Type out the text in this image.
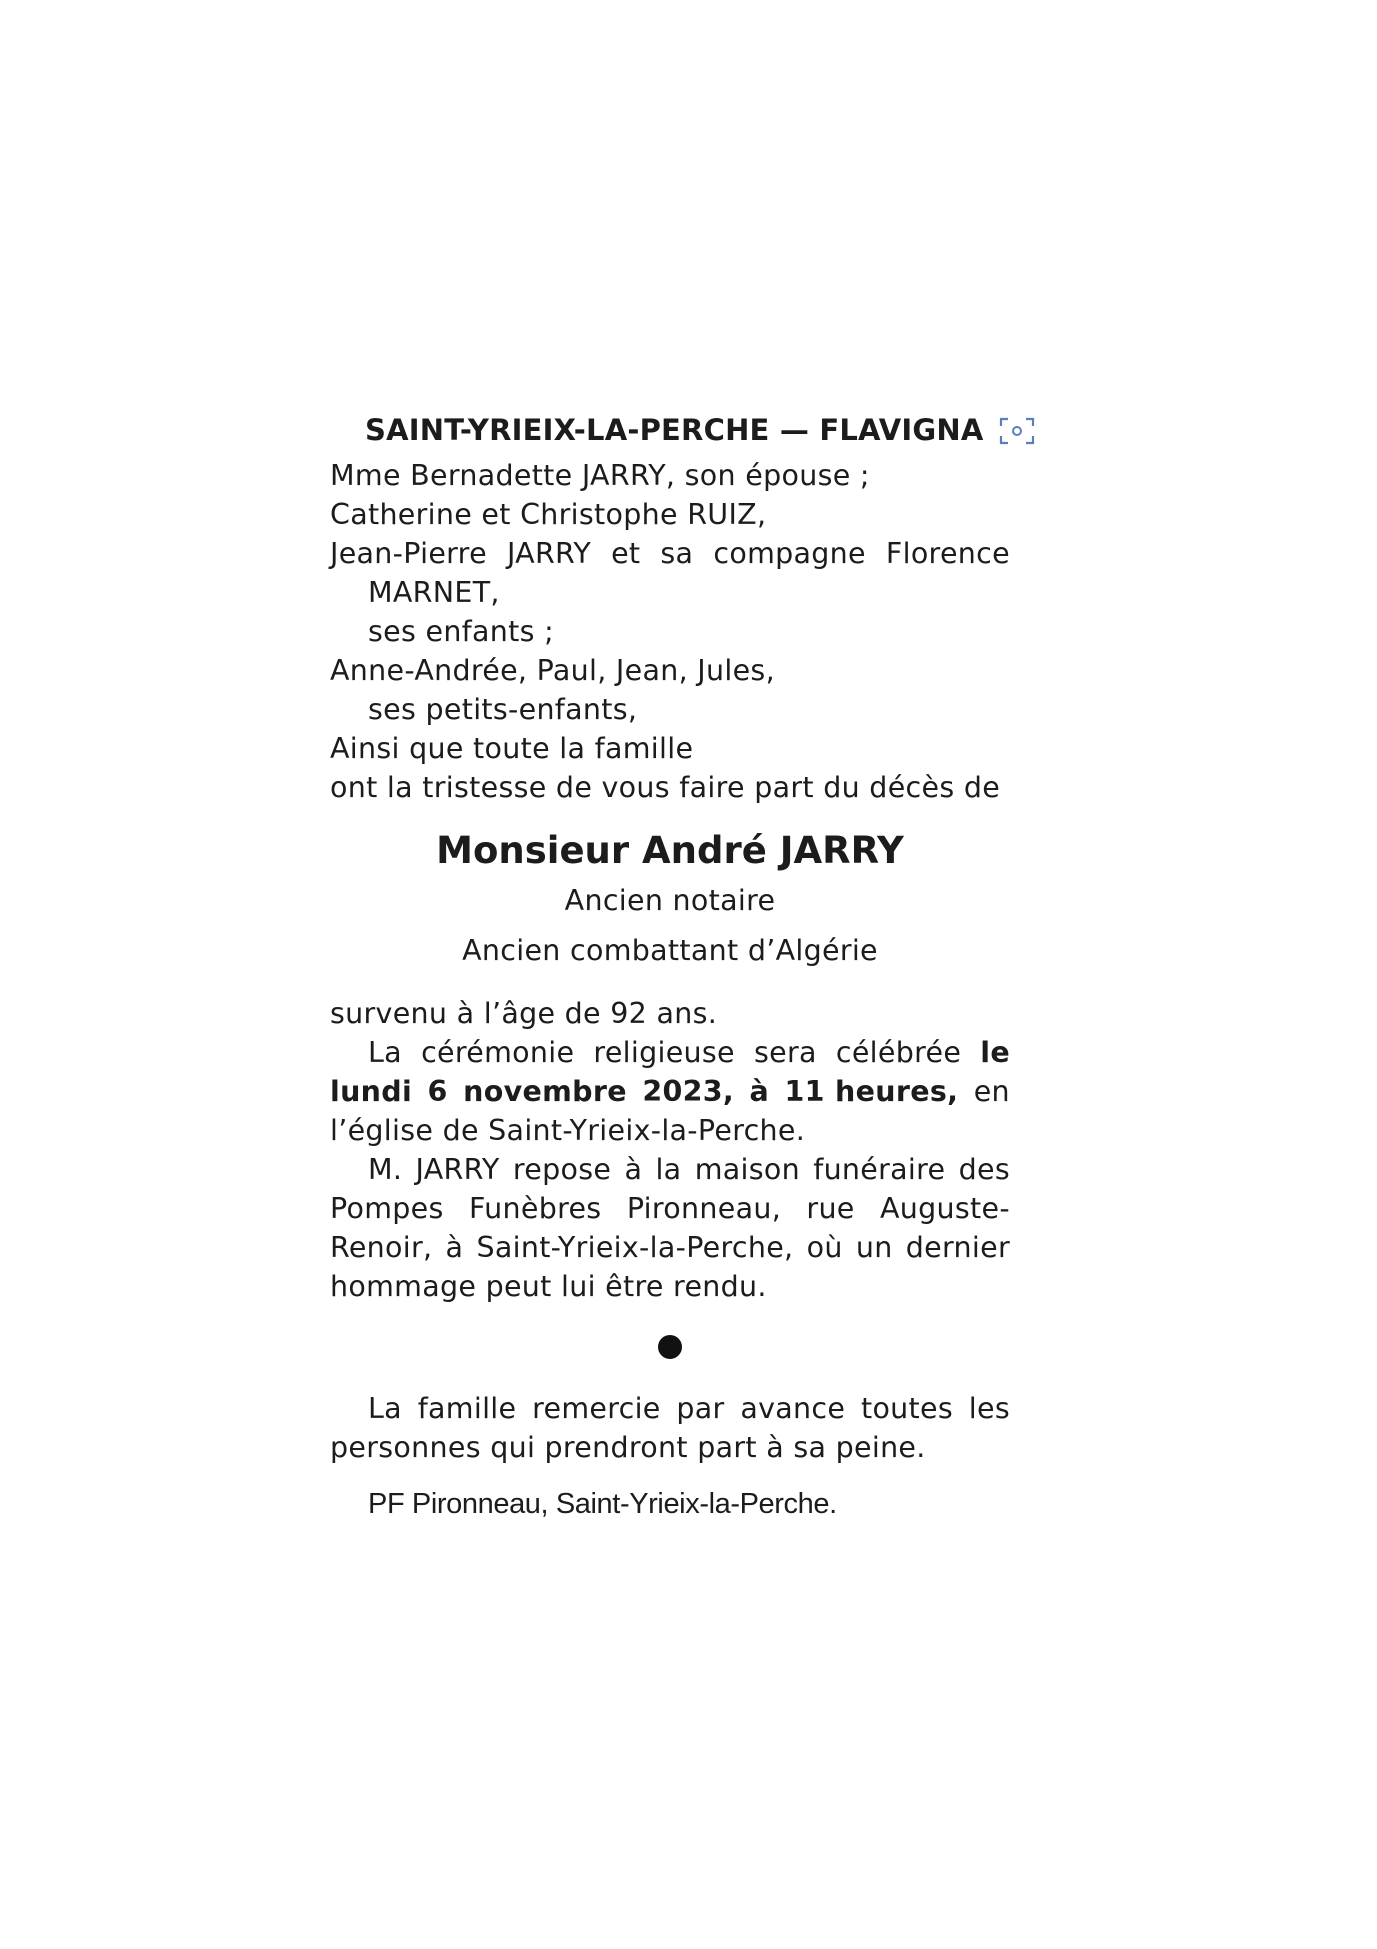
SAINT-YRIEIX-LA-PERCHE — FLAVIGNA
Mme Bernadette JARRY, son épouse ;
Catherine et Christophe RUIZ,
Jean-Pierre JARRY et sa compagne Florence
MARNET,
ses enfants ;
Anne-Andrée, Paul, Jean, Jules,
ses petits-enfants,
Ainsi que toute la famille
ont la tristesse de vous faire part du décès de
Monsieur André JARRY
Ancien notaire
Ancien combattant d’Algérie
survenu à l’âge de 92 ans.
La cérémonie religieuse sera célébrée le
lundi 6 novembre 2023, à 11 heures, en
l’église de Saint-Yrieix-la-Perche.
M. JARRY repose à la maison funéraire des
Pompes Funèbres Pironneau, rue Auguste-
Renoir, à Saint-Yrieix-la-Perche, où un dernier
hommage peut lui être rendu.
La famille remercie par avance toutes les
personnes qui prendront part à sa peine.
PF Pironneau, Saint-Yrieix-la-Perche.
